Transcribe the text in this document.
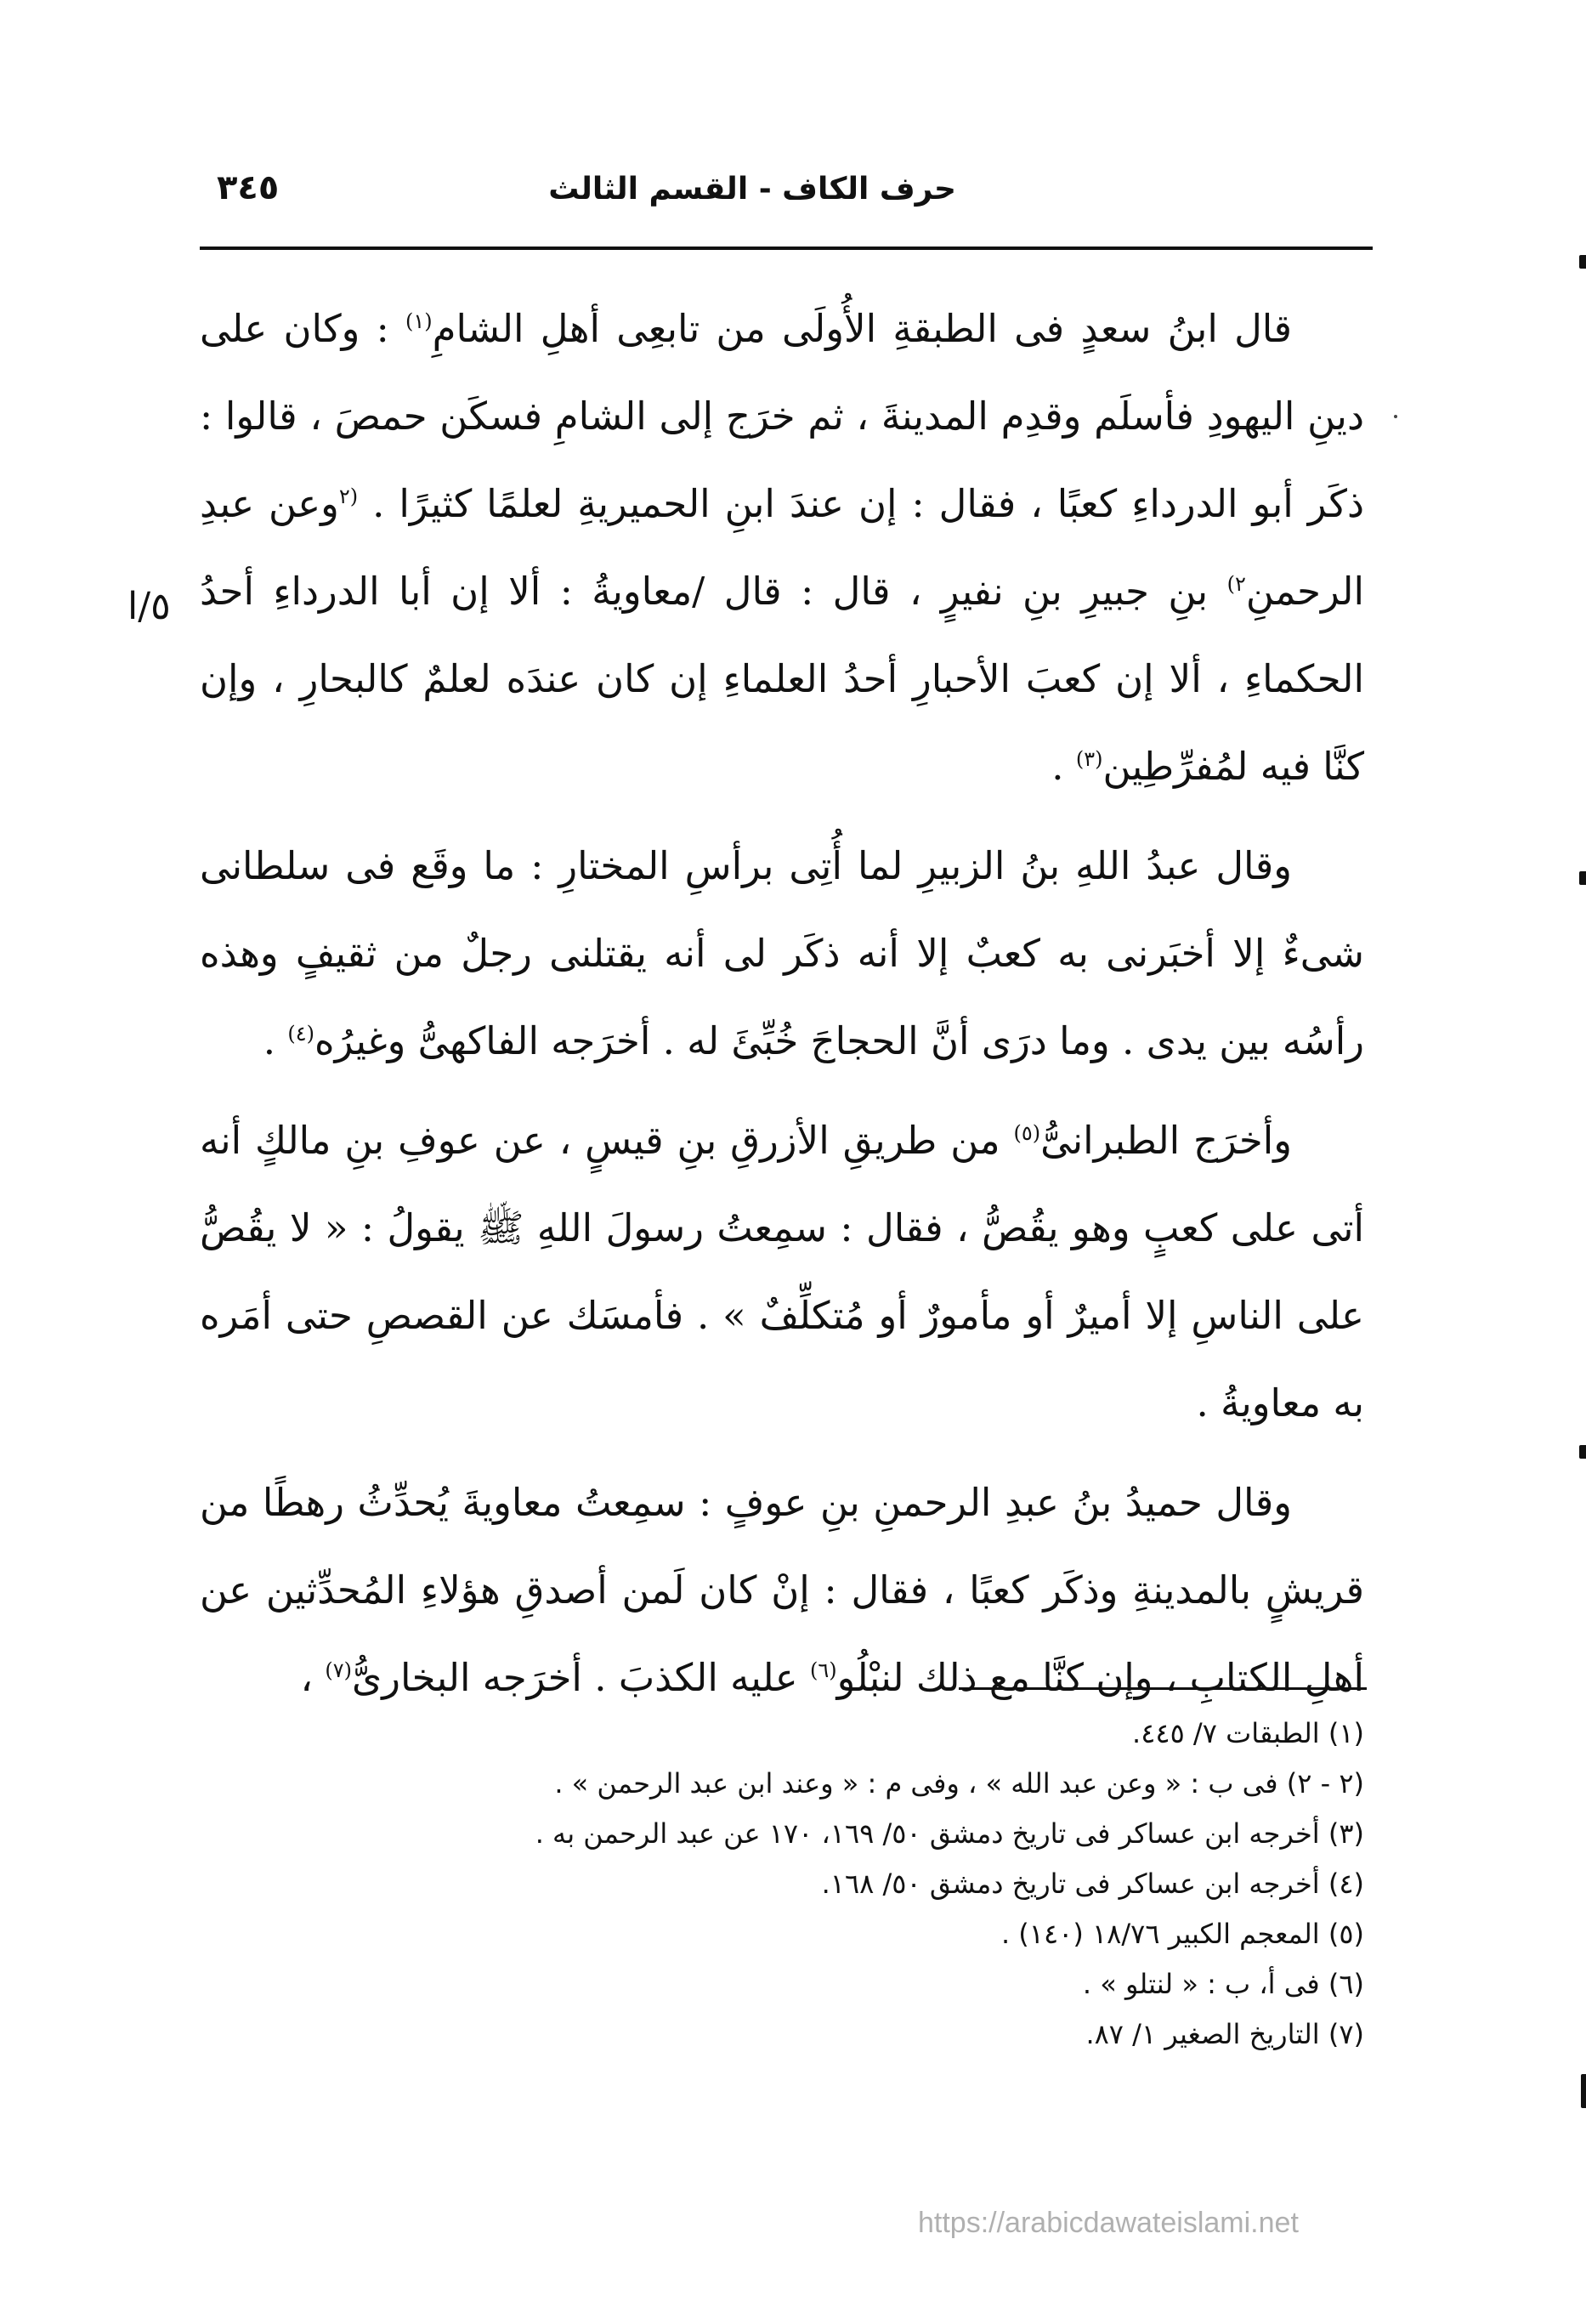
حرف الكاف - القسم الثالث
٣٤٥
٥/ا

قال ابنُ سعدٍ فى الطبقةِ الأُولَى من تابعِى أهلِ الشامِ$^{(١)}$ : وكان على دينِ اليهودِ فأسلَم وقدِم المدينةَ ، ثم خرَج إلى الشامِ فسكَن حمصَ ، قالوا : ذكَر أبو الدرداءِ كعبًا ، فقال : إن عندَ ابنِ الحميريةِ لعلمًا كثيرًا . $^{(٢}$وعن عبدِ الرحمنِ$^{٢)}$ بنِ جبيرِ بنِ نفيرٍ ، قال : قال /معاويةُ : ألا إن أبا الدرداءِ أحدُ الحكماءِ ، ألا إن كعبَ الأحبارِ أحدُ العلماءِ إن كان عندَه لعلمٌ كالبحارِ ، وإن كنَّا فيه لمُفرِّطِين$^{(٣)}$ .

وقال عبدُ اللهِ بنُ الزبيرِ لما أُتِى برأسِ المختارِ : ما وقَع فى سلطانى شىءٌ إلا أخبَرنى به كعبٌ إلا أنه ذكَر لى أنه يقتلنى رجلٌ من ثقيفٍ وهذه رأسُه بين يدى . وما درَى أنَّ الحجاجَ خُبِّئَ له . أخرَجه الفاكهىُّ وغيرُه$^{(٤)}$ .

وأخرَج الطبرانىُّ$^{(٥)}$ من طريقِ الأزرقِ بنِ قيسٍ ، عن عوفِ بنِ مالكٍ أنه أتى على كعبٍ وهو يقُصُّ ، فقال : سمِعتُ رسولَ اللهِ ﷺ يقولُ : « لا يقُصُّ على الناسِ إلا أميرٌ أو مأمورٌ أو مُتكلِّفٌ » . فأمسَك عن القصصِ حتى أمَره به معاويةُ .

وقال حميدُ بنُ عبدِ الرحمنِ بنِ عوفٍ : سمِعتُ معاويةَ يُحدِّثُ رهطًا من قريشٍ بالمدينةِ وذكَر كعبًا ، فقال : إنْ كان لَمن أصدقِ هؤلاءِ المُحدِّثين عن أهلِ الكتابِ ، وإن كنَّا مع ذلك لنبْلُو$^{(٦)}$ عليه الكذبَ . أخرَجه البخارىُّ$^{(٧)}$ ،

(١) الطبقات ٧/ ٤٤٥.

(٢ - ٢) فى ب : « وعن عبد الله » ، وفى م : « وعند ابن عبد الرحمن » .

(٣) أخرجه ابن عساكر فى تاريخ دمشق ٥٠/ ١٦٩، ١٧٠ عن عبد الرحمن به .

(٤) أخرجه ابن عساكر فى تاريخ دمشق ٥٠/ ١٦٨.

(٥) المعجم الكبير ١٨/٧٦ (١٤٠) .

(٦) فى أ، ب : « لنتلو » .

(٧) التاريخ الصغير ١/ ٨٧.

https://arabicdawateislami.net
